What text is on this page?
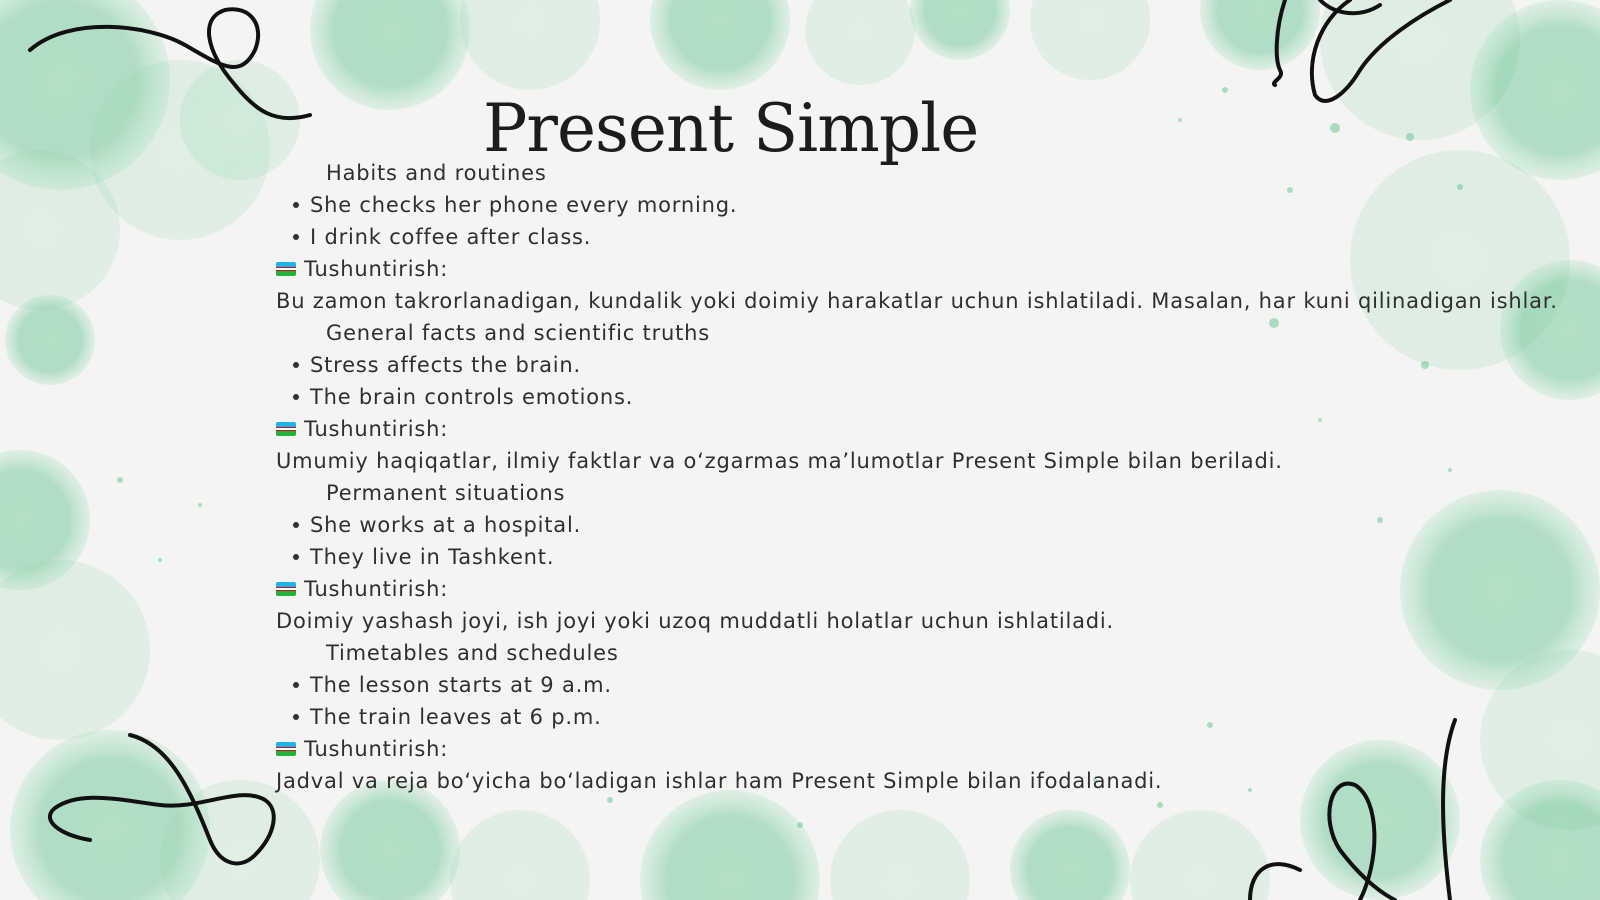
Present Simple
Habits and routines
She checks her phone every morning.
I drink coffee after class.
Tushuntirish:
Bu zamon takrorlanadigan, kundalik yoki doimiy harakatlar uchun ishlatiladi. Masalan, har kuni qilinadigan ishlar.
General facts and scientific truths
Stress affects the brain.
The brain controls emotions.
Tushuntirish:
Umumiy haqiqatlar, ilmiy faktlar va o‘zgarmas ma’lumotlar Present Simple bilan beriladi.
Permanent situations
She works at a hospital.
They live in Tashkent.
Tushuntirish:
Doimiy yashash joyi, ish joyi yoki uzoq muddatli holatlar uchun ishlatiladi.
Timetables and schedules
The lesson starts at 9 a.m.
The train leaves at 6 p.m.
Tushuntirish:
Jadval va reja bo‘yicha bo‘ladigan ishlar ham Present Simple bilan ifodalanadi.
